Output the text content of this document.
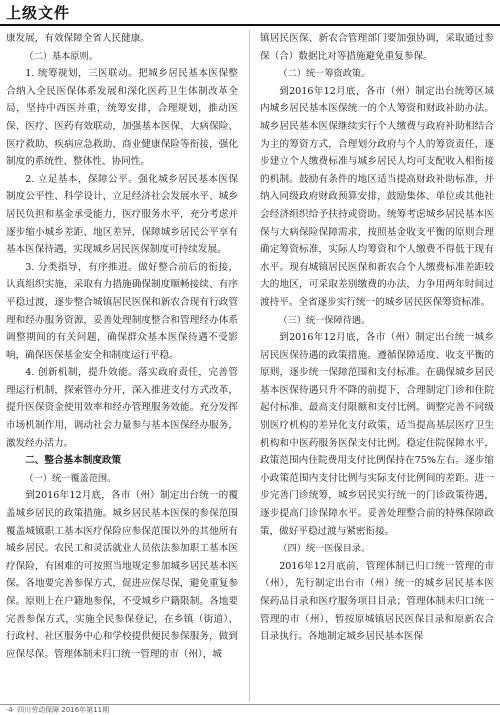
上级文件

康发展，有效保障全省人民健康。

（二）基本原则。

1. 统筹规划，三医联动。把城乡居民基本医保整合纳入全民医保体系发展和深化医药卫生体制改革全局，坚持中西医并重，统筹安排，合理规划，推动医保、医疗、医药有效联动，加强基本医保、大病保险、医疗救助、疾病应急救助、商业健康保险等衔接，强化制度的系统性、整体性、协同性。

2. 立足基本，保障公平。强化城乡居民基本医保制度公平性、科学设计，立足经济社会发展水平、城乡居民负担和基金承受能力，医疗服务水平，充分考虑并逐步缩小城乡差距、地区差异，保障城乡居民公平享有基本医保待遇，实现城乡居民医保制度可持续发展。

3. 分类指导，有序推进。做好整合前后的衔接，认真组织实施，采取有力措施确保制度顺畅接续、有序平稳过渡，逐步整合城镇居民医保和新农合现有行政管理和经办服务资源，妥善处理制度整合和管理经办体系调整期间的有关问题，确保群众基本医保待遇不受影响，确保医保基金安全和制度运行平稳。

4. 创新机制，提升效能。落实政府责任，完善管理运行机制，探索管办分开，深入推进支付方式改革，提升医保资金使用效率和经办管理服务效能。充分发挥市场机制作用，调动社会力量参与基本医保经办服务，激发经办活力。

二、整合基本制度政策
（一）统一覆盖范围。

到2016年12月底，各市（州）制定出台统一的覆盖城乡居民的政策措施。城乡居民基本医保的参保范围覆盖城镇职工基本医疗保险应参保范围以外的其他所有城乡居民。农民工和灵活就业人员依法参加职工基本医疗保险，有困难的可按照当地规定参加城乡居民基本医保。各地要完善参保方式，促进应保尽保，避免重复参保。原则上在户籍地参保，不受城乡户籍限制。各地要完善参保方式，实施全民参保登记，在乡镇（街道）、行政村、社区服务中心和学校提供便民参保服务，做到应保尽保。管理体制未归口统一管理的市（州），城

镇居民医保、新农合管理部门要加强协调，采取通过参保（合）数据比对等措施避免重复参保。

（二）统一筹资政策。

到2016年12月底，各市（州）制定出台统筹区域内城乡居民基本医保统一的个人筹资和财政补助办法。城乡居民基本医保继续实行个人缴费与政府补助相结合为主的筹资方式，合理划分政府与个人的筹资责任，逐步建立个人缴费标准与城乡居民人均可支配收入相衔接的机制。鼓励有条件的地区适当提高财政补助标准，并纳入同级政府财政预算安排，鼓励集体、单位或其他社会经济组织给予扶持或资助。统筹考虑城乡居民基本医保与大病保险保障需求，按照基金收支平衡的原则合理确定筹资标准，实际人均筹资和个人缴费不得低于现有水平。现有城镇居民医保和新农合个人缴费标准差距较大的地区，可采取差别缴费的办法，力争用两年时间过渡持平。全省逐步实行统一的城乡居民医保筹资标准。

（三）统一保障待遇。

到2016年12月底，各市（州）制定出台统一城乡居民医保待遇的政策措施。遵循保障适度、收支平衡的原则，逐步统一保障范围和支付标准。在确保城乡居民基本医保待遇只升不降的前提下，合理制定门诊和住院起付标准、最高支付限额和支付比例。调整完善不同级别医疗机构的差异化支付政策，适当提高基层医疗卫生机构和中医药服务医保支付比例。稳定住院保障水平，政策范围内住院费用支付比例保持在75%左右。逐步缩小政策范围内支付比例与实际支付比例间的差距。进一步完善门诊统筹，城乡居民实行统一的门诊政策待遇，逐步提高门诊保障水平。妥善处理整合前的特殊保障政策，做好平稳过渡与紧密衔接。

（四）统一医保目录。

2016年12月底前，管理体制已归口统一管理的市（州），先行制定出台市（州）统一的城乡居民基本医保药品目录和医疗服务项目目录；管理体制未归口统一管理的市（州），暂按原城镇居民医保目录和原新农合目录执行。各地制定城乡居民基本医保

·4· 四川劳动保障 2016年第11期
